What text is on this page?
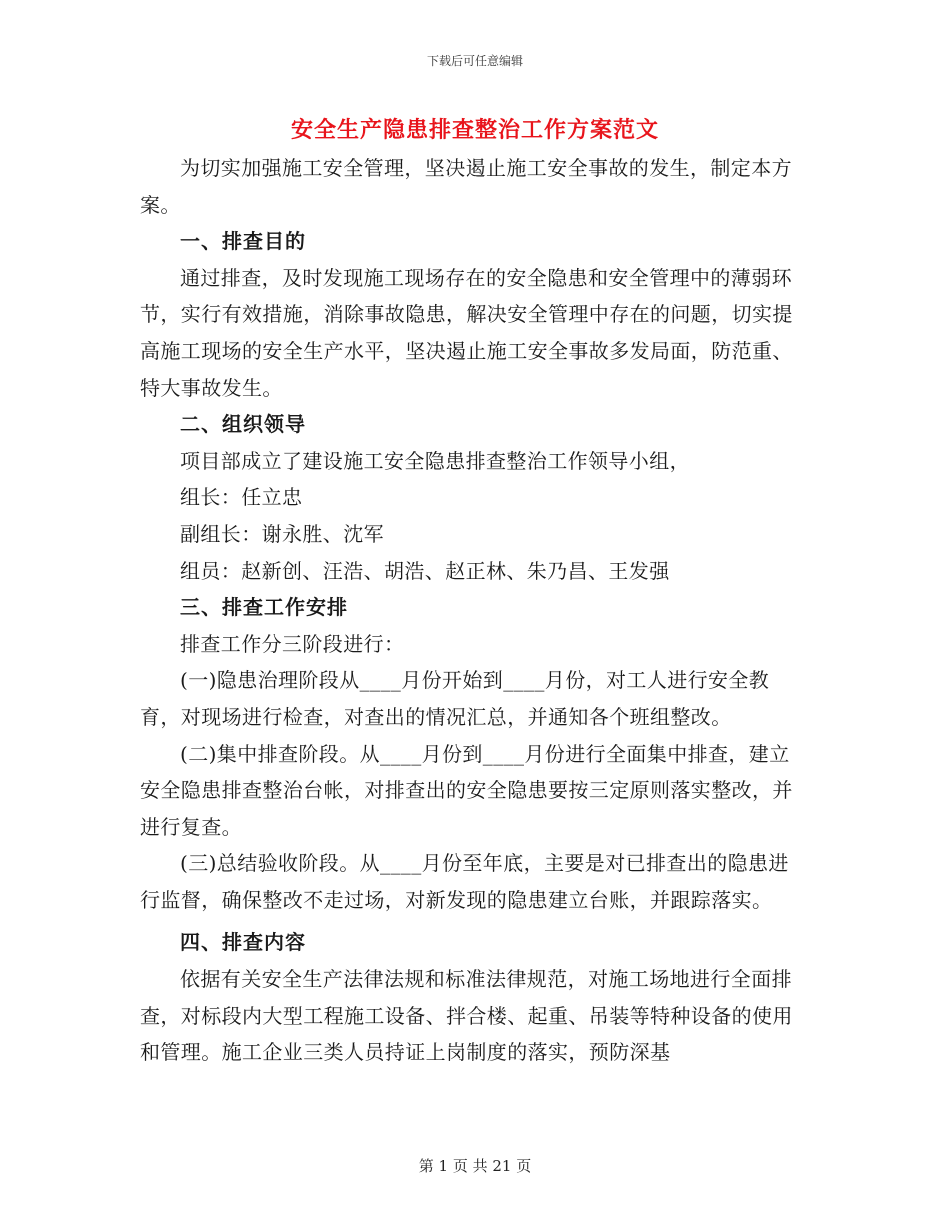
下载后可任意编辑
安全生产隐患排查整治工作方案范文

为切实加强施工安全管理，坚决遏止施工安全事故的发生，制定本方案。

一、排查目的

通过排查，及时发现施工现场存在的安全隐患和安全管理中的薄弱环节，实行有效措施，消除事故隐患，解决安全管理中存在的问题，切实提高施工现场的安全生产水平，坚决遏止施工安全事故多发局面，防范重、特大事故发生。

二、组织领导

项目部成立了建设施工安全隐患排查整治工作领导小组，

组长：任立忠

副组长：谢永胜、沈军

组员：赵新创、汪浩、胡浩、赵正林、朱乃昌、王发强

三、排查工作安排

排查工作分三阶段进行：

(一)隐患治理阶段从____月份开始到____月份，对工人进行安全教育，对现场进行检查，对查出的情况汇总，并通知各个班组整改。

(二)集中排查阶段。从____月份到____月份进行全面集中排查，建立安全隐患排查整治台帐，对排查出的安全隐患要按三定原则落实整改，并进行复查。

(三)总结验收阶段。从____月份至年底，主要是对已排查出的隐患进行监督，确保整改不走过场，对新发现的隐患建立台账，并跟踪落实。

四、排查内容

依据有关安全生产法律法规和标准法律规范，对施工场地进行全面排查，对标段内大型工程施工设备、拌合楼、起重、吊装等特种设备的使用和管理。施工企业三类人员持证上岗制度的落实，预防深基

第 1 页 共 21 页
